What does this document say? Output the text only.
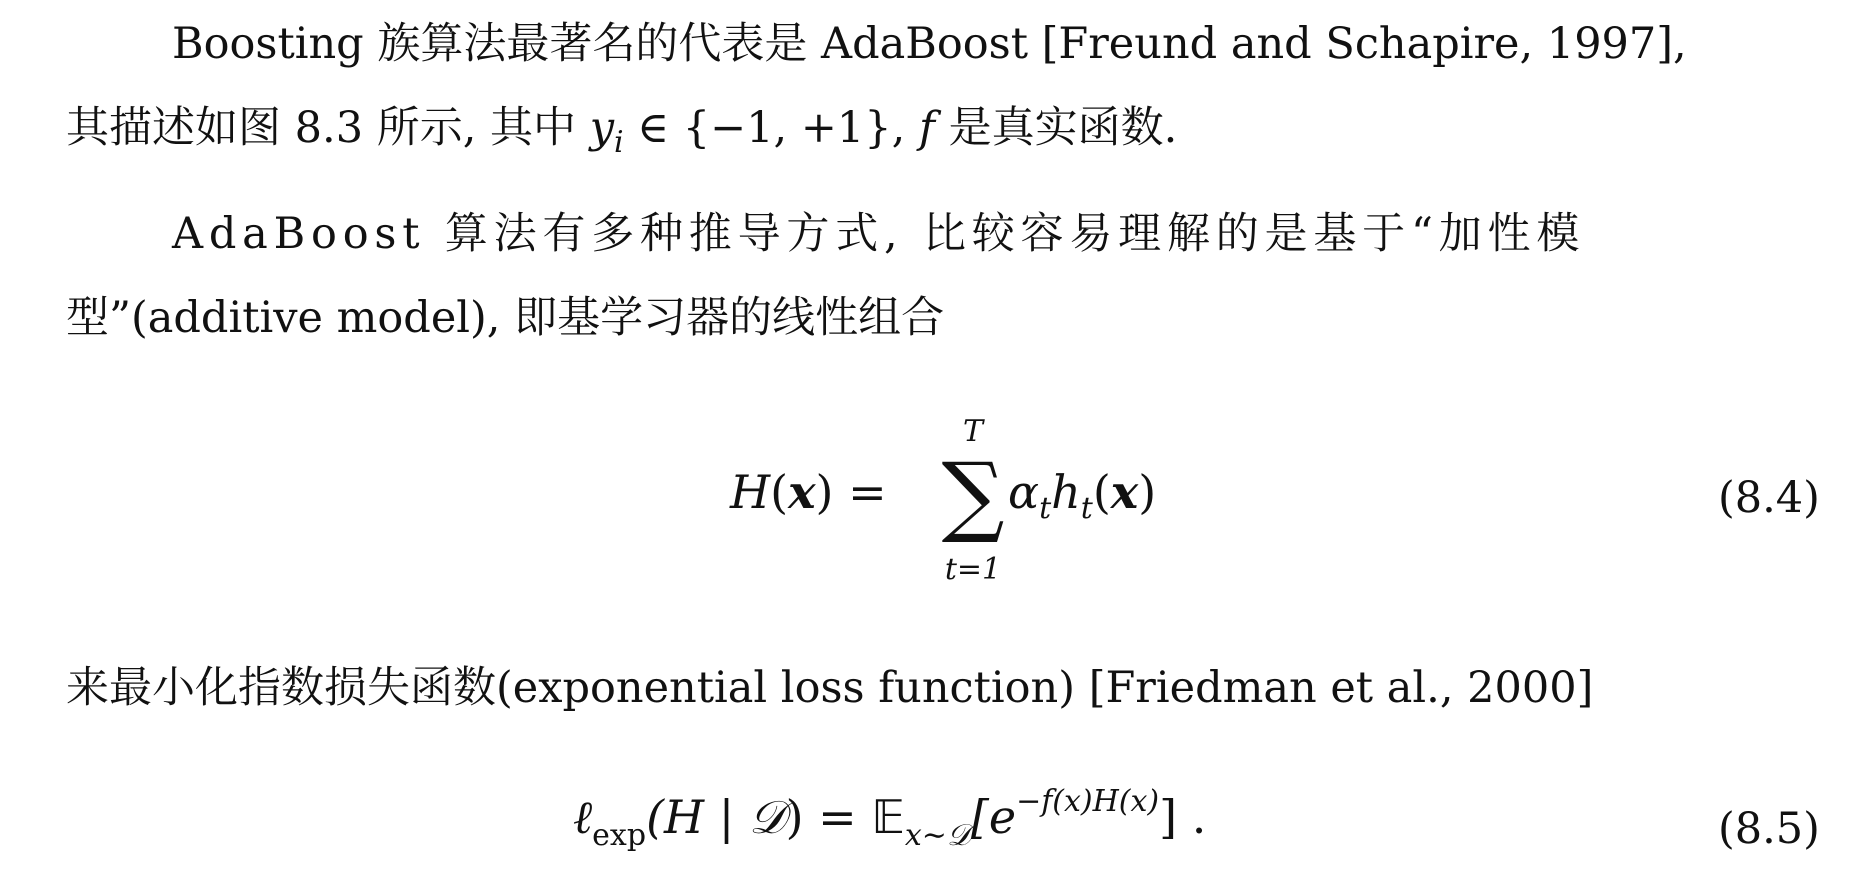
Boosting 族算法最著名的代表是 AdaBoost [Freund and Schapire, 1997],
其描述如图 8.3 所示, 其中 $y_i$ ∈ {−1, +1}, f 是真实函数.
AdaBoost 算法有多种推导方式, 比较容易理解的是基于“加性模
型”(additive model), 即基学习器的线性组合
H(x) =
T
∑
t=1
$\alpha_th_t(x)$	(8.4)
来最小化指数损失函数(exponential loss function) [Friedman et al., 2000]
ℓ$_{exp}$(H | 𝒟) = $𝔼_{x\sim 𝒟}[e^{-f(x)H(x)}]$ .	(8.5)
